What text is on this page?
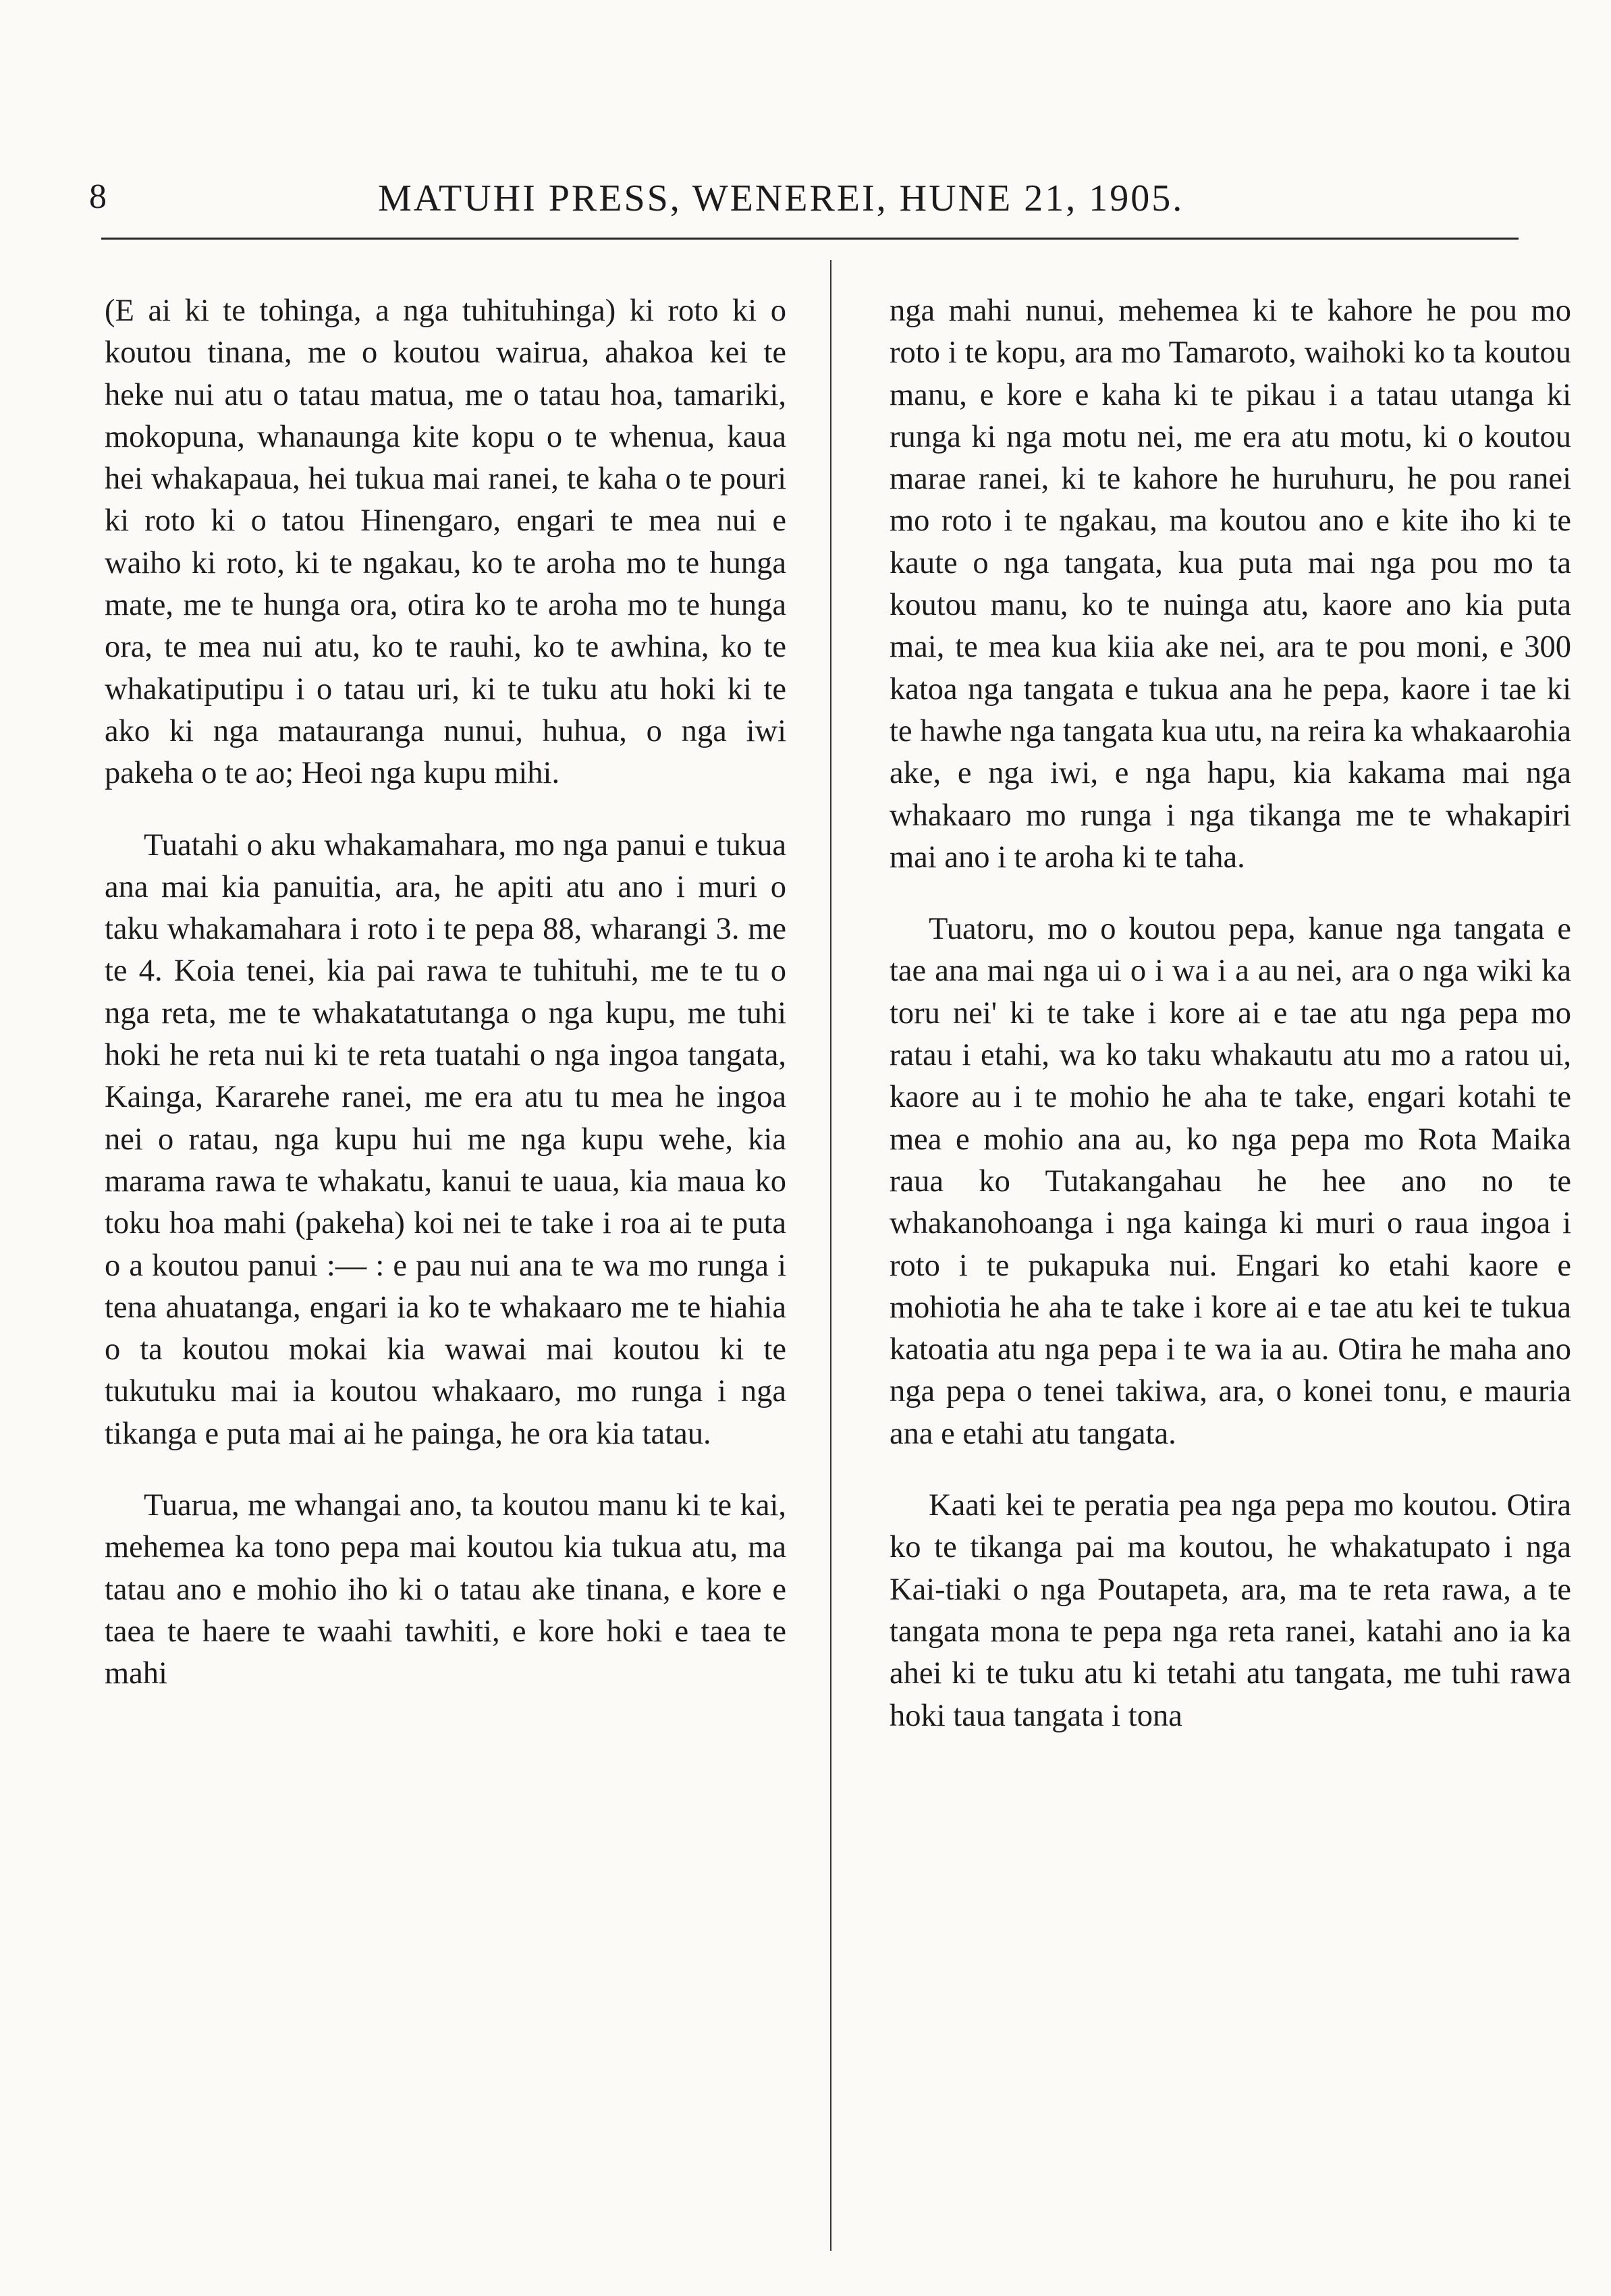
8	MATUHI PRESS, WENEREI, HUNE 21, 1905.

(E ai ki te tohinga, a nga tuhituhinga) ki roto ki o koutou tinana, me o koutou wairua, ahakoa kei te heke nui atu o tatau matua, me o tatau hoa, tamariki, mokopuna, whanaunga kite kopu o te whenua, kaua hei whakapaua, hei tukua mai ranei, te kaha o te pouri ki roto ki o tatou Hinengaro, engari te mea nui e waiho ki roto, ki te ngakau, ko te aroha mo te hunga mate, me te hunga ora, otira ko te aroha mo te hunga ora, te mea nui atu, ko te rauhi, ko te awhina, ko te whakatiputipu i o tatau uri, ki te tuku atu hoki ki te ako ki nga matauranga nunui, huhua, o nga iwi pakeha o te ao; Heoi nga kupu mihi.

Tuatahi o aku whakamahara, mo nga panui e tukua ana mai kia panuitia, ara, he apiti atu ano i muri o taku whakamahara i roto i te pepa 88, wharangi 3. me te 4. Koia tenei, kia pai rawa te tuhituhi, me te tu o nga reta, me te whakatatutanga o nga kupu, me tuhi hoki he reta nui ki te reta tuatahi o nga ingoa tangata, Kainga, Kararehe ranei, me era atu tu mea he ingoa nei o ratau, nga kupu hui me nga kupu wehe, kia marama rawa te whakatu, kanui te uaua, kia maua ko toku hoa mahi (pakeha) koi nei te take i roa ai te puta o a koutou panui :— : e pau nui ana te wa mo runga i tena ahuatanga, engari ia ko te whakaaro me te hiahia o ta koutou mokai kia wawai mai koutou ki te tukutuku mai ia koutou whakaaro, mo runga i nga tikanga e puta mai ai he painga, he ora kia tatau.

Tuarua, me whangai ano, ta koutou manu ki te kai, mehemea ka tono pepa mai koutou kia tukua atu, ma tatau ano e mohio iho ki o tatau ake tinana, e kore e taea te haere te waahi tawhiti, e kore hoki e taea te mahi

nga mahi nunui, mehemea ki te kahore he pou mo roto i te kopu, ara mo Tamaroto, waihoki ko ta koutou manu, e kore e kaha ki te pikau i a tatau utanga ki runga ki nga motu nei, me era atu motu, ki o koutou marae ranei, ki te kahore he huruhuru, he pou ranei mo roto i te ngakau, ma koutou ano e kite iho ki te kaute o nga tangata, kua puta mai nga pou mo ta koutou manu, ko te nuinga atu, kaore ano kia puta mai, te mea kua kiia ake nei, ara te pou moni, e 300 katoa nga tangata e tukua ana he pepa, kaore i tae ki te hawhe nga tangata kua utu, na reira ka whakaarohia ake, e nga iwi, e nga hapu, kia kakama mai nga whakaaro mo runga i nga tikanga me te whakapiri mai ano i te aroha ki te taha.

Tuatoru, mo o koutou pepa, kanue nga tangata e tae ana mai nga ui o i wa i a au nei, ara o nga wiki ka toru nei' ki te take i kore ai e tae atu nga pepa mo ratau i etahi, wa ko taku whakautu atu mo a ratou ui, kaore au i te mohio he aha te take, engari kotahi te mea e mohio ana au, ko nga pepa mo Rota Maika raua ko Tutakangahau he hee ano no te whakanohoanga i nga kainga ki muri o raua ingoa i roto i te pukapuka nui. Engari ko etahi kaore e mohiotia he aha te take i kore ai e tae atu kei te tukua katoatia atu nga pepa i te wa ia au. Otira he maha ano nga pepa o tenei takiwa, ara, o konei tonu, e mauria ana e etahi atu tangata.

Kaati kei te peratia pea nga pepa mo koutou. Otira ko te tikanga pai ma koutou, he whakatupato i nga Kai-tiaki o nga Poutapeta, ara, ma te reta rawa, a te tangata mona te pepa nga reta ranei, katahi ano ia ka ahei ki te tuku atu ki tetahi atu tangata, me tuhi rawa hoki taua tangata i tona
